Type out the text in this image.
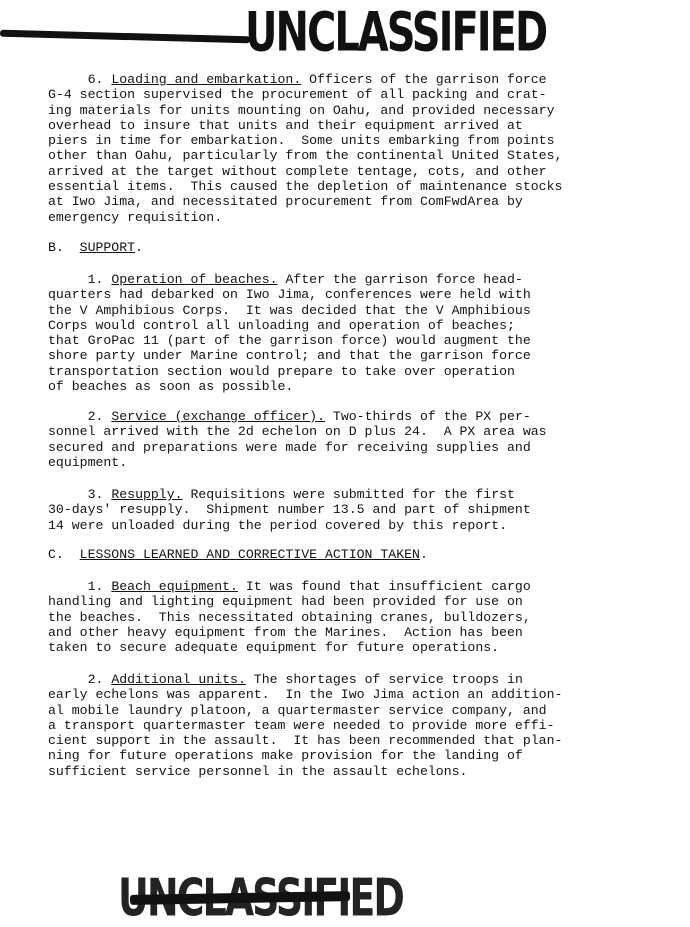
UNCLASSIFIED
6. Loading and embarkation. Officers of the garrison force
G-4 section supervised the procurement of all packing and crat-
ing materials for units mounting on Oahu, and provided necessary
overhead to insure that units and their equipment arrived at
piers in time for embarkation.  Some units embarking from points
other than Oahu, particularly from the continental United States,
arrived at the target without complete tentage, cots, and other
essential items.  This caused the depletion of maintenance stocks
at Iwo Jima, and necessitated procurement from ComFwdArea by
emergency requisition.
B. SUPPORT.
1. Operation of beaches. After the garrison force head-
quarters had debarked on Iwo Jima, conferences were held with
the V Amphibious Corps.  It was decided that the V Amphibious
Corps would control all unloading and operation of beaches;
that GroPac 11 (part of the garrison force) would augment the
shore party under Marine control; and that the garrison force
transportation section would prepare to take over operation
of beaches as soon as possible.
2. Service (exchange officer). Two-thirds of the PX per-
sonnel arrived with the 2d echelon on D plus 24.  A PX area was
secured and preparations were made for receiving supplies and
equipment.
3. Resupply. Requisitions were submitted for the first
30-days' resupply.  Shipment number 13.5 and part of shipment
14 were unloaded during the period covered by this report.
C. LESSONS LEARNED AND CORRECTIVE ACTION TAKEN.
1. Beach equipment. It was found that insufficient cargo
handling and lighting equipment had been provided for use on
the beaches.  This necessitated obtaining cranes, bulldozers,
and other heavy equipment from the Marines.  Action has been
taken to secure adequate equipment for future operations.
2. Additional units. The shortages of service troops in
early echelons was apparent.  In the Iwo Jima action an addition-
al mobile laundry platoon, a quartermaster service company, and
a transport quartermaster team were needed to provide more effi-
cient support in the assault.  It has been recommended that plan-
ning for future operations make provision for the landing of
sufficient service personnel in the assault echelons.
UNCLASSIFIED
